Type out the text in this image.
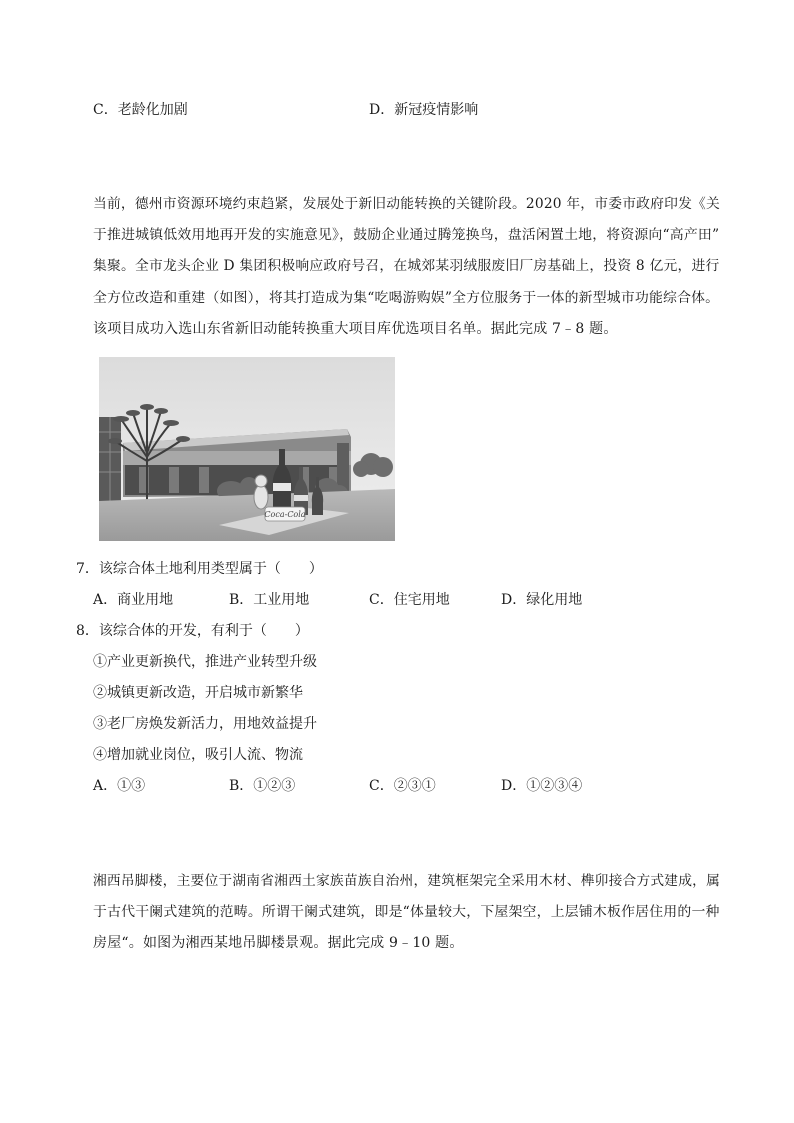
C．老龄化加剧	D．新冠疫情影响
当前，德州市资源环境约束趋紧，发展处于新旧动能转换的关键阶段。2020 年，市委市政府印发《关
于推进城镇低效用地再开发的实施意见》，鼓励企业通过腾笼换鸟，盘活闲置土地，将资源向“高产田”
集聚。全市龙头企业 D 集团积极响应政府号召，在城郊某羽绒服废旧厂房基础上，投资 8 亿元，进行
全方位改造和重建（如图），将其打造成为集“吃喝游购娱”全方位服务于一体的新型城市功能综合体。
该项目成功入选山东省新旧动能转换重大项目库优选项目名单。据此完成 7﹣8 题。
Coca-Cola
7．该综合体土地利用类型属于（　　）
A．商业用地	B．工业用地	C．住宅用地	D．绿化用地
8．该综合体的开发，有利于（　　）
①产业更新换代，推进产业转型升级
②城镇更新改造，开启城市新繁华
③老厂房焕发新活力，用地效益提升
④增加就业岗位，吸引人流、物流
A．①③	B．①②③	C．②③①	D．①②③④
湘西吊脚楼，主要位于湖南省湘西土家族苗族自治州，建筑框架完全采用木材、榫卯接合方式建成，属
于古代干阑式建筑的范畴。所谓干阑式建筑，即是“体量较大，下屋架空，上层铺木板作居住用的一种
房屋“。如图为湘西某地吊脚楼景观。据此完成 9﹣10 题。
